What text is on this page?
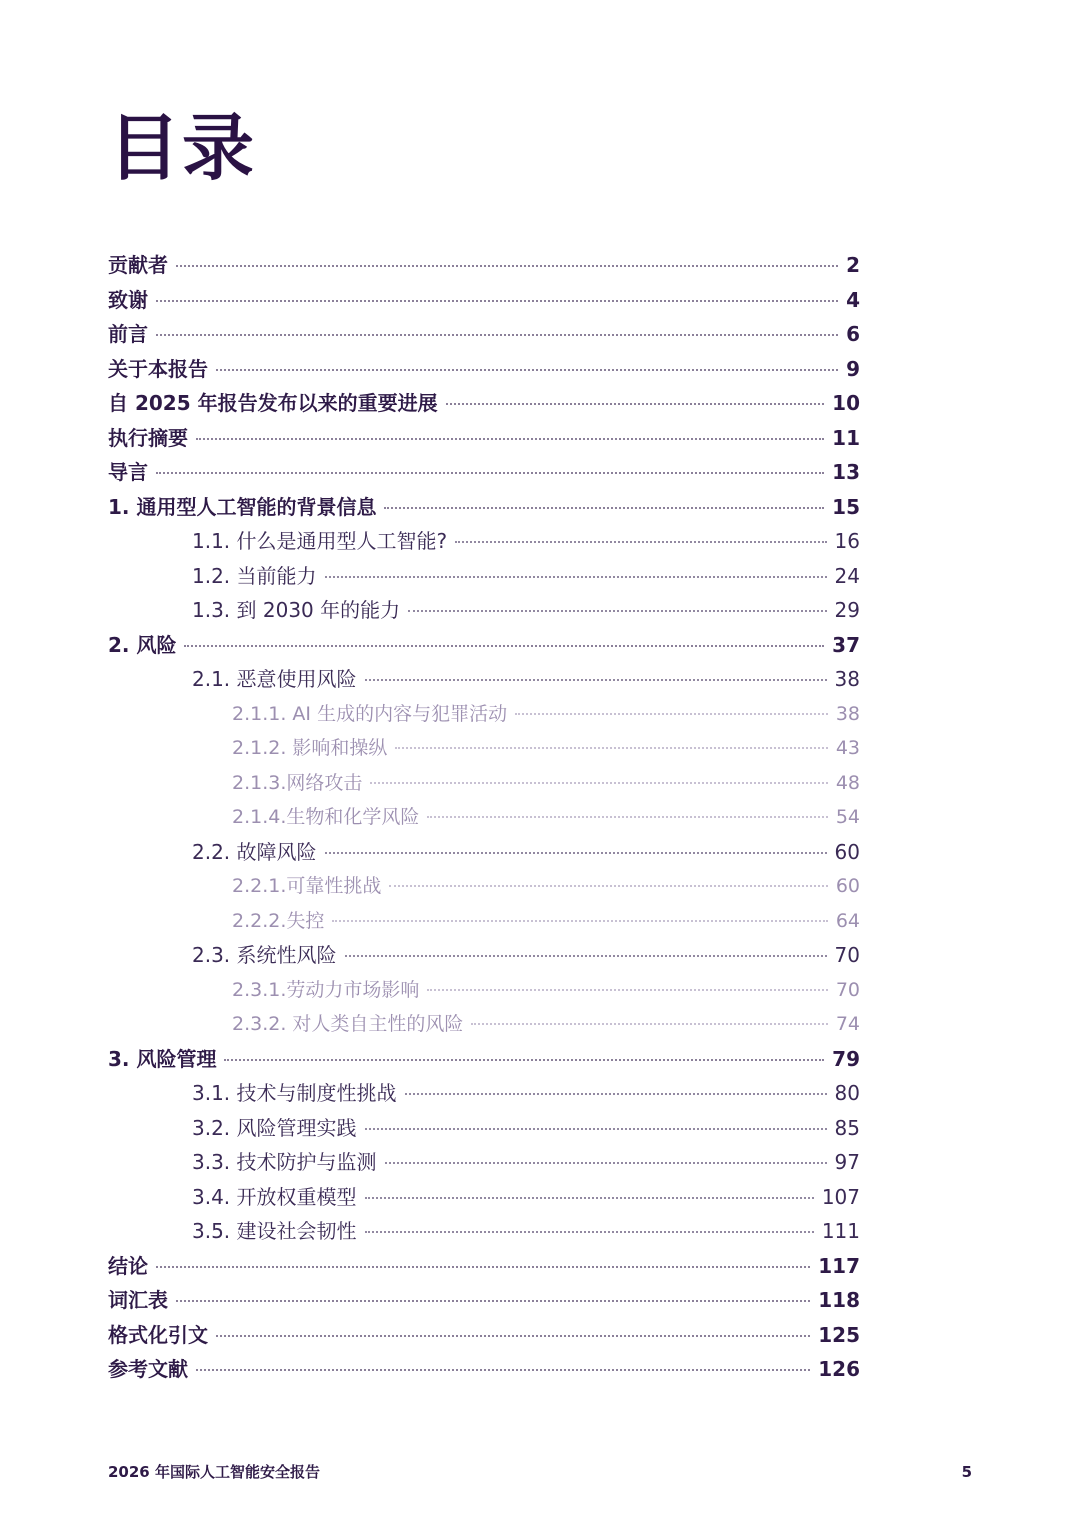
目录
贡献者	2
致谢	4
前言	6
关于本报告	9
自 2025 年报告发布以来的重要进展	10
执行摘要	11
导言	13
1. 通用型人工智能的背景信息	15
1.1. 什么是通用型人工智能?	16
1.2. 当前能力	24
1.3. 到 2030 年的能力	29
2. 风险	37
2.1. 恶意使用风险	38
2.1.1. AI 生成的内容与犯罪活动	38
2.1.2. 影响和操纵	43
2.1.3.网络攻击	48
2.1.4.生物和化学风险	54
2.2. 故障风险	60
2.2.1.可靠性挑战	60
2.2.2.失控	64
2.3. 系统性风险	70
2.3.1.劳动力市场影响	70
2.3.2. 对人类自主性的风险	74
3. 风险管理	79
3.1. 技术与制度性挑战	80
3.2. 风险管理实践	85
3.3. 技术防护与监测	97
3.4. 开放权重模型	107
3.5. 建设社会韧性	111
结论	117
词汇表	118
格式化引文	125
参考文献	126
2026 年国际人工智能安全报告	5
